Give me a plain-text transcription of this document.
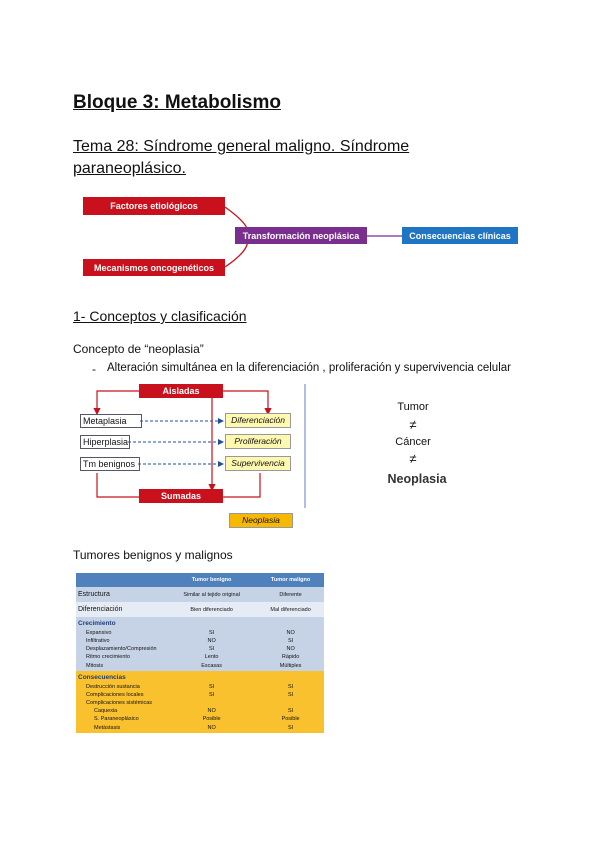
Bloque 3: Metabolismo
Tema 28: Síndrome general maligno. Síndrome paraneoplásico.
Factores etiológicos
Mecanismos oncogenéticos
Transformación neoplásica	Consecuencias clínicas
1- Conceptos y clasificación
Concepto de “neoplasia”
- Alteración simultánea en la diferenciación , proliferación y supervivencia celular
Aisladas
Sumadas
Metaplasia
Hiperplasia
Tm benignos
Diferenciación
Proliferación
Supervivencia
Neoplasia
Tumor
≠
Cáncer
≠
Neoplasia
Tumores benignos y malignos
	Tumor benigno	Tumor maligno
Estructura	Similar al tejido original	Diferente
Diferenciación	Bien diferenciado	Mal diferenciado
Crecimiento		
Expansivo	SI	NO
Infiltrativo	NO	SI
Desplazamiento/Compresión	SI	NO
Ritmo crecimiento	Lento	Rápido
Mitosis	Escasas	Múltiples
Consecuencias		
Destrucción sustancia	SI	SI
Complicaciones locales	SI	SI
Complicaciones sistémicas		
Caquexia	NO	SI
S. Paraneoplásico	Posible	Posible
Metástasis	NO	SI
